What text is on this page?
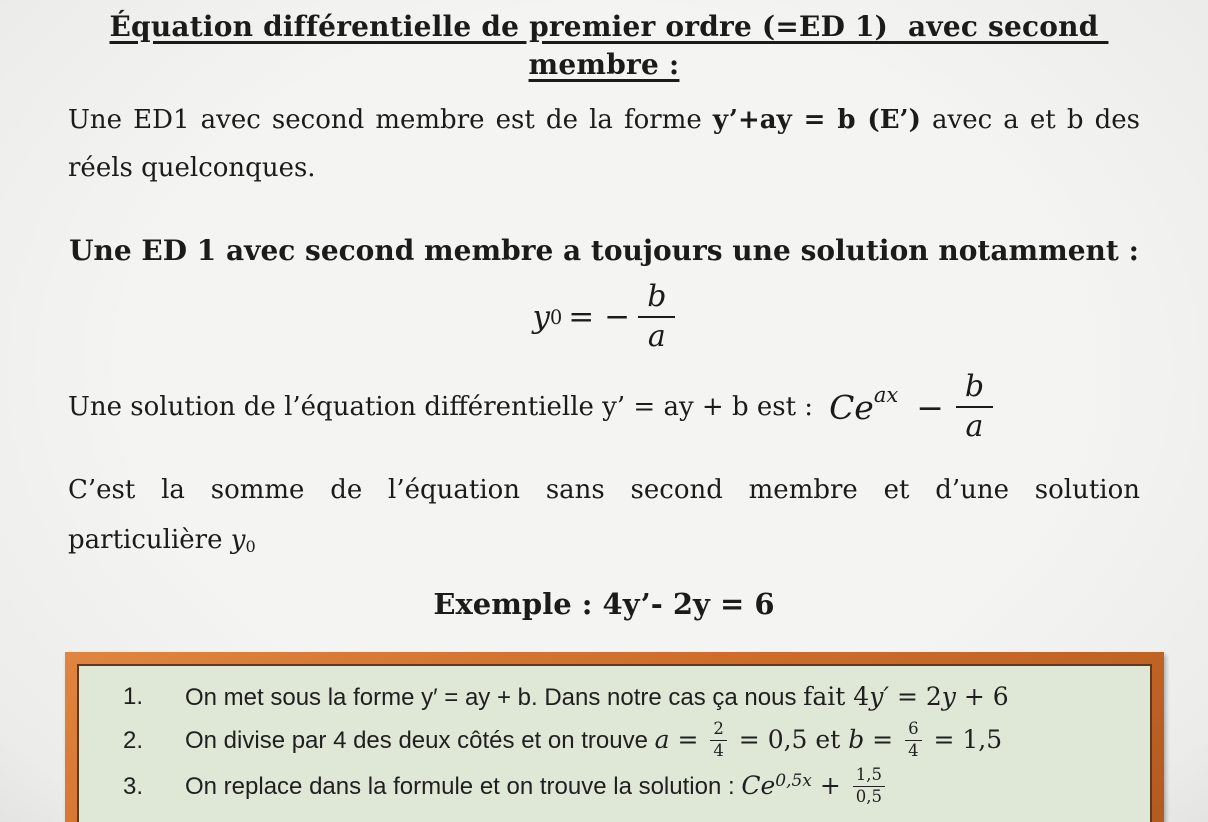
Équation différentielle de premier ordre (=ED 1)  avec second membre :
Une ED1 avec second membre est de la forme y’+ay = b (E’) avec a et b des
réels quelconques.
Une ED 1 avec second membre a toujours une solution notamment :
y 0 = − $\frac{b}{a}$
Une solution de l’équation différentielle y’ = ay + b est : Ce ax − $\frac{b}{a}$
C’est la somme de l’équation sans second membre et d’une solution
particulière y0
Exemple : 4y’- 2y = 6
1.	On met sous la forme y′ = ay + b. Dans notre cas ça nous fait 4y′ = 2y + 6
2.	On divise par 4 des deux côtés et on trouve $a = \frac{2}{4} = 0,5$ et $b = \frac{6}{4} = 1,5$
3.	On replace dans la formule et on trouve la solution : $Ce0,5x + \frac{1,5}{0,5}$
